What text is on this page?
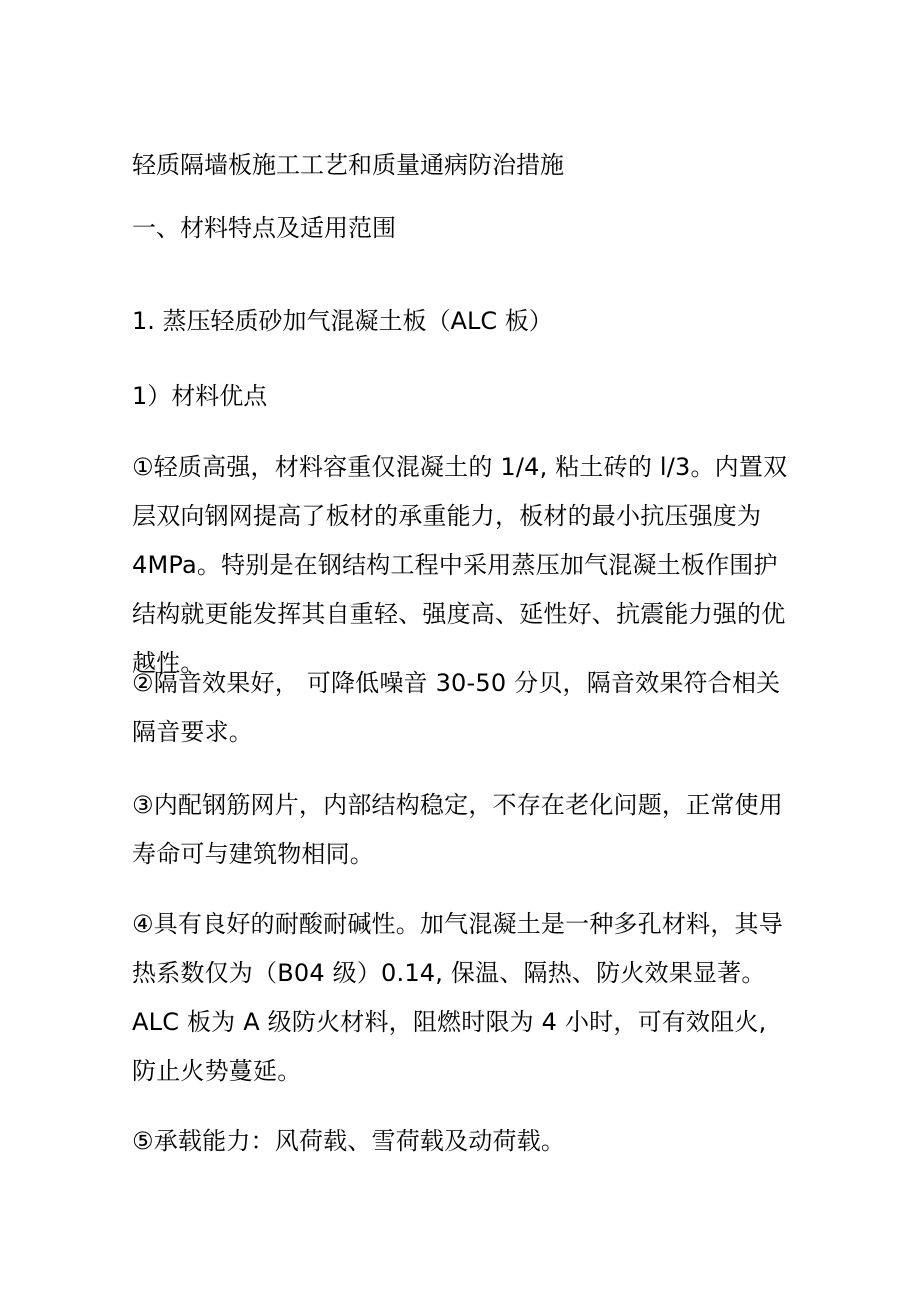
轻质隔墙板施工工艺和质量通病防治措施
一、材料特点及适用范围
1. 蒸压轻质砂加气混凝土板（ALC 板）
1）材料优点
①轻质高强，材料容重仅混凝土的 1/4, 粘土砖的 l/3。内置双层双向钢网提高了板材的承重能力，板材的最小抗压强度为 4MPa。特别是在钢结构工程中采用蒸压加气混凝土板作围护结构就更能发挥其自重轻、强度高、延性好、抗震能力强的优越性。
②隔音效果好， 可降低噪音 30-50 分贝，隔音效果符合相关隔音要求。
③内配钢筋网片，内部结构稳定，不存在老化问题，正常使用寿命可与建筑物相同。
④具有良好的耐酸耐碱性。加气混凝土是一种多孔材料，其导热系数仅为（B04 级）0.14, 保温、隔热、防火效果显著。ALC 板为 A 级防火材料，阻燃时限为 4 小时，可有效阻火, 防止火势蔓延。
⑤承载能力：风荷载、雪荷载及动荷载。
